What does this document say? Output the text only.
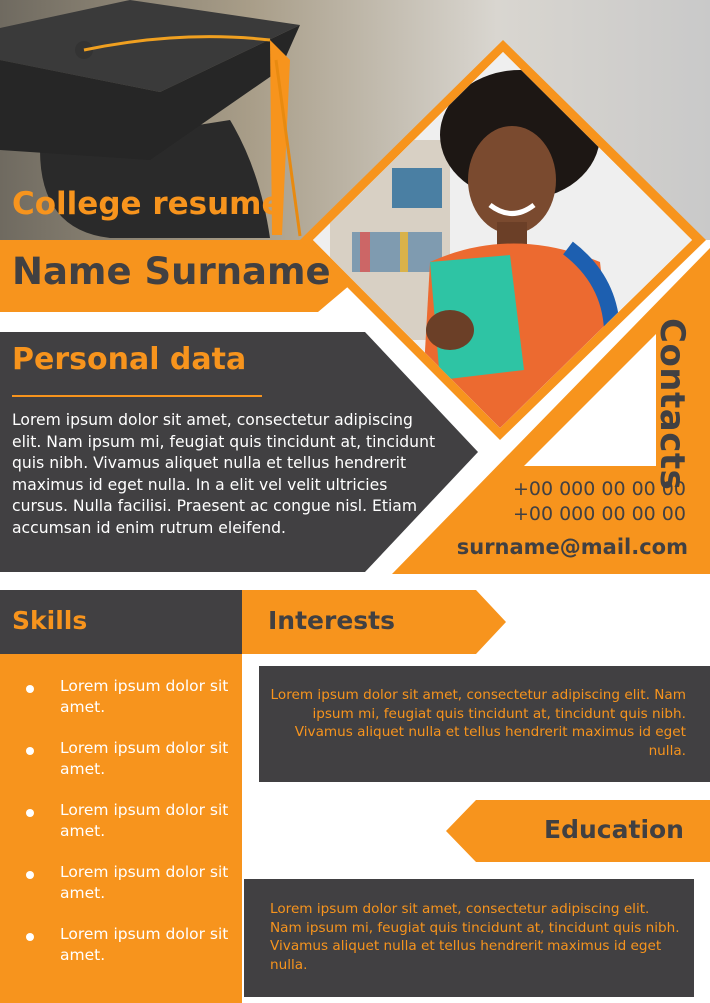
College resume
Name Surname
Personal data
Lorem ipsum dolor sit amet, consectetur adipiscing elit. Nam ipsum mi, feugiat quis tincidunt at, tincidunt quis nibh. Vivamus aliquet nulla et tellus hendrerit maximus id eget nulla. In a elit vel velit ultricies cursus. Nulla facilisi. Praesent ac congue nisl. Etiam accumsan id enim rutrum eleifend.
Contacts
+00 000 00 00 00
+00 000 00 00 00
surname@mail.com
Skills
Lorem ipsum dolor sit amet.
Lorem ipsum dolor sit amet.
Lorem ipsum dolor sit amet.
Lorem ipsum dolor sit amet.
Lorem ipsum dolor sit amet.
Interests
Lorem ipsum dolor sit amet, consectetur adipiscing elit. Nam ipsum mi, feugiat quis tincidunt at, tincidunt quis nibh. Vivamus aliquet nulla et tellus hendrerit maximus id eget nulla.
Education
Lorem ipsum dolor sit amet, consectetur adipiscing elit. Nam ipsum mi, feugiat quis tincidunt at, tincidunt quis nibh. Vivamus aliquet nulla et tellus hendrerit maximus id eget nulla.
